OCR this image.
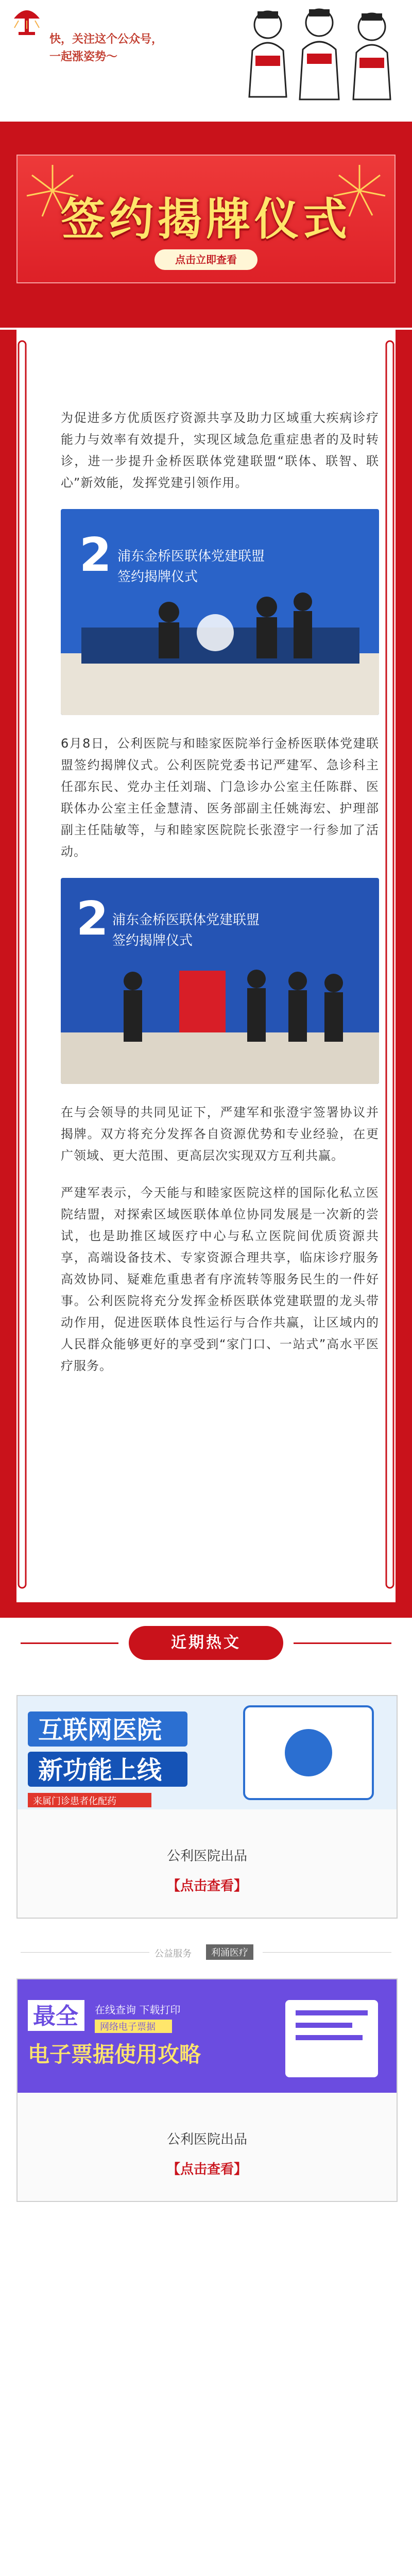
快，关注这个公众号，
一起涨姿势～
签约揭牌仪式
点击立即查看

为促进多方优质医疗资源共享及助力区域重大疾病诊疗能力与效率有效提升，实现区域急危重症患者的及时转诊，进一步提升金桥医联体党建联盟“联体、联智、联心”新效能，发挥党建引领作用。

2 浦东金桥医联体党建联盟
签约揭牌仪式

6月8日，公利医院与和睦家医院举行金桥医联体党建联盟签约揭牌仪式。公利医院党委书记严建军、急诊科主任邵东民、党办主任刘瑞、门急诊办公室主任陈群、医联体办公室主任金慧清、医务部副主任姚海宏、护理部副主任陆敏等，与和睦家医院院长张澄宇一行参加了活动。

2 浦东金桥医联体党建联盟
签约揭牌仪式

在与会领导的共同见证下，严建军和张澄宇签署协议并揭牌。双方将充分发挥各自资源优势和专业经验，在更广领域、更大范围、更高层次实现双方互利共赢。

严建军表示，今天能与和睦家医院这样的国际化私立医院结盟，对探索区域医联体单位协同发展是一次新的尝试，也是助推区域医疗中心与私立医院间优质资源共享，高端设备技术、专家资源合理共享，临床诊疗服务高效协同、疑难危重患者有序流转等服务民生的一件好事。公利医院将充分发挥金桥医联体党建联盟的龙头带动作用，促进医联体良性运行与合作共赢，让区域内的人民群众能够更好的享受到“家门口、一站式”高水平医疗服务。

近期热文
互联网医院
新功能上线
来属门诊患者化配药
公利医院出品
【点击查看】
公益服务	利涌医疗
最全
电子票据使用攻略
在线查询 下载打印
网络电子票据
公利医院出品
【点击查看】
